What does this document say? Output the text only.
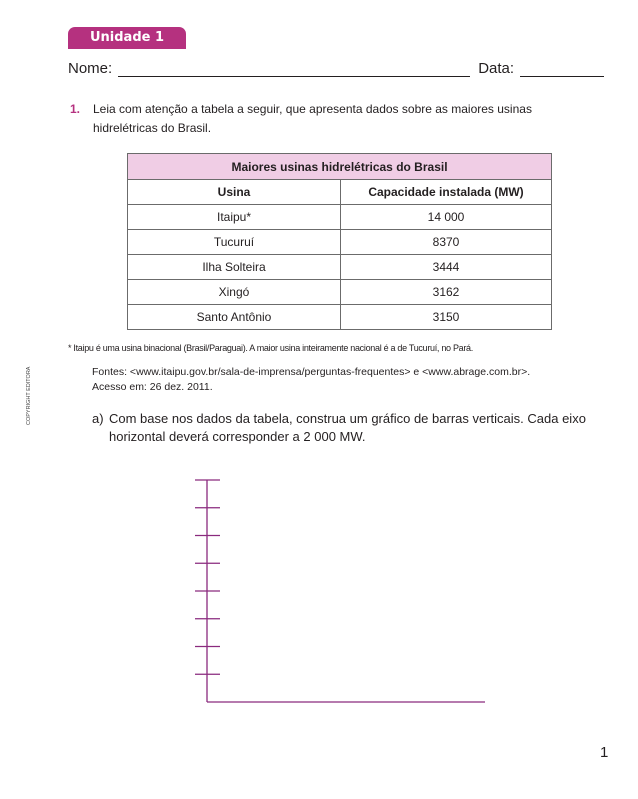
Unidade 1
Nome:	Data:
1.	Leia com atenção a tabela a seguir, que apresenta dados sobre as maiores usinas hidrelétricas do Brasil.
Maiores usinas hidrelétricas do Brasil	
Usina	Capacidade instalada (MW)
Itaipu*	14 000
Tucuruí	8370
Ilha Solteira	3444
Xingó	3162
Santo Antônio	3150
* Itaipu é uma usina binacional (Brasil/Paraguai). A maior usina inteiramente nacional é a de Tucuruí, no Pará.
Fontes: <www.itaipu.gov.br/sala-de-imprensa/perguntas-frequentes> e <www.abrage.com.br>.
Acesso em: 26 dez. 2011.
COPYRIGHT EDITORA	a) Com base nos dados da tabela, construa um gráfico de barras verticais. Cada eixo horizontal deverá corresponder a 2 000 MW.
1
